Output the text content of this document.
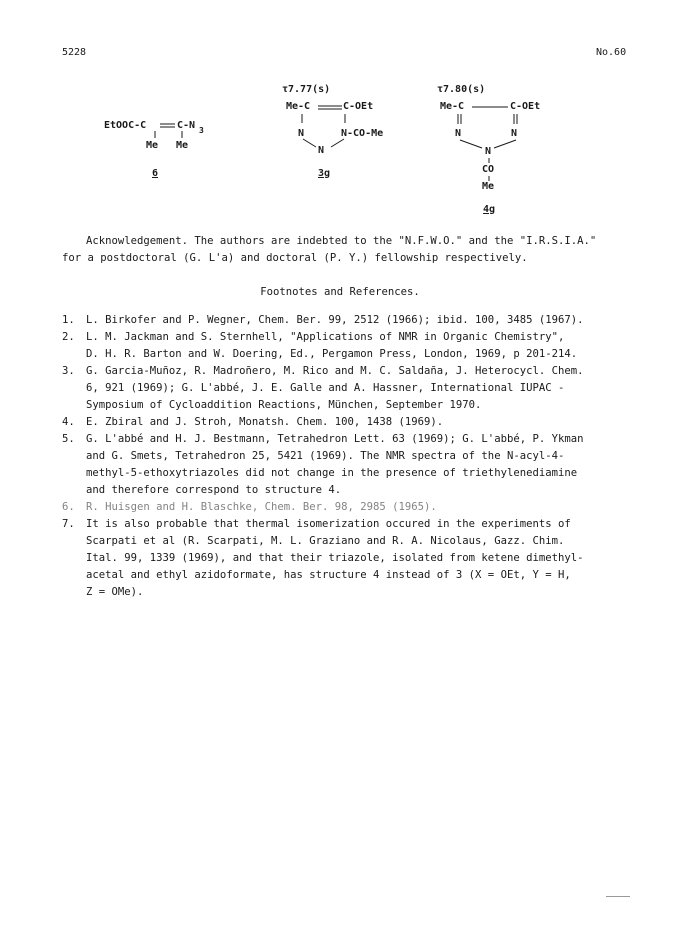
5228	No.60
EtOOC-C	C-N 3
Me Me
6
τ7.77(s)
Me-C	C-OEt
N	N-CO-Me
N
3g
τ7.80(s)
Me-C	C-OEt
N	N
N
CO
Me
4g
Acknowledgement. The authors are indebted to the "N.F.W.O." and the "I.R.S.I.A."
for a postdoctoral (G. L'a) and doctoral (P. Y.) fellowship respectively.
Footnotes and References.
1. L. Birkofer and P. Wegner, Chem. Ber. 99, 2512 (1966); ibid. 100, 3485 (1967).
2. L. M. Jackman and S. Sternhell, "Applications of NMR in Organic Chemistry",
D. H. R. Barton and W. Doering, Ed., Pergamon Press, London, 1969, p 201-214.
3. G. Garcia-Muñoz, R. Madroñero, M. Rico and M. C. Saldaña, J. Heterocycl. Chem.
6, 921 (1969); G. L'abbé, J. E. Galle and A. Hassner, International IUPAC -
Symposium of Cycloaddition Reactions, München, September 1970.
4. E. Zbiral and J. Stroh, Monatsh. Chem. 100, 1438 (1969).
5. G. L'abbé and H. J. Bestmann, Tetrahedron Lett. 63 (1969); G. L'abbé, P. Ykman
and G. Smets, Tetrahedron 25, 5421 (1969). The NMR spectra of the N-acyl-4-
methyl-5-ethoxytriazoles did not change in the presence of triethylenediamine
and therefore correspond to structure 4.
6. R. Huisgen and H. Blaschke, Chem. Ber. 98, 2985 (1965).
7. It is also probable that thermal isomerization occured in the experiments of
Scarpati et al (R. Scarpati, M. L. Graziano and R. A. Nicolaus, Gazz. Chim.
Ital. 99, 1339 (1969), and that their triazole, isolated from ketene dimethyl-
acetal and ethyl azidoformate, has structure 4 instead of 3 (X = OEt, Y = H,
Z = OMe).
